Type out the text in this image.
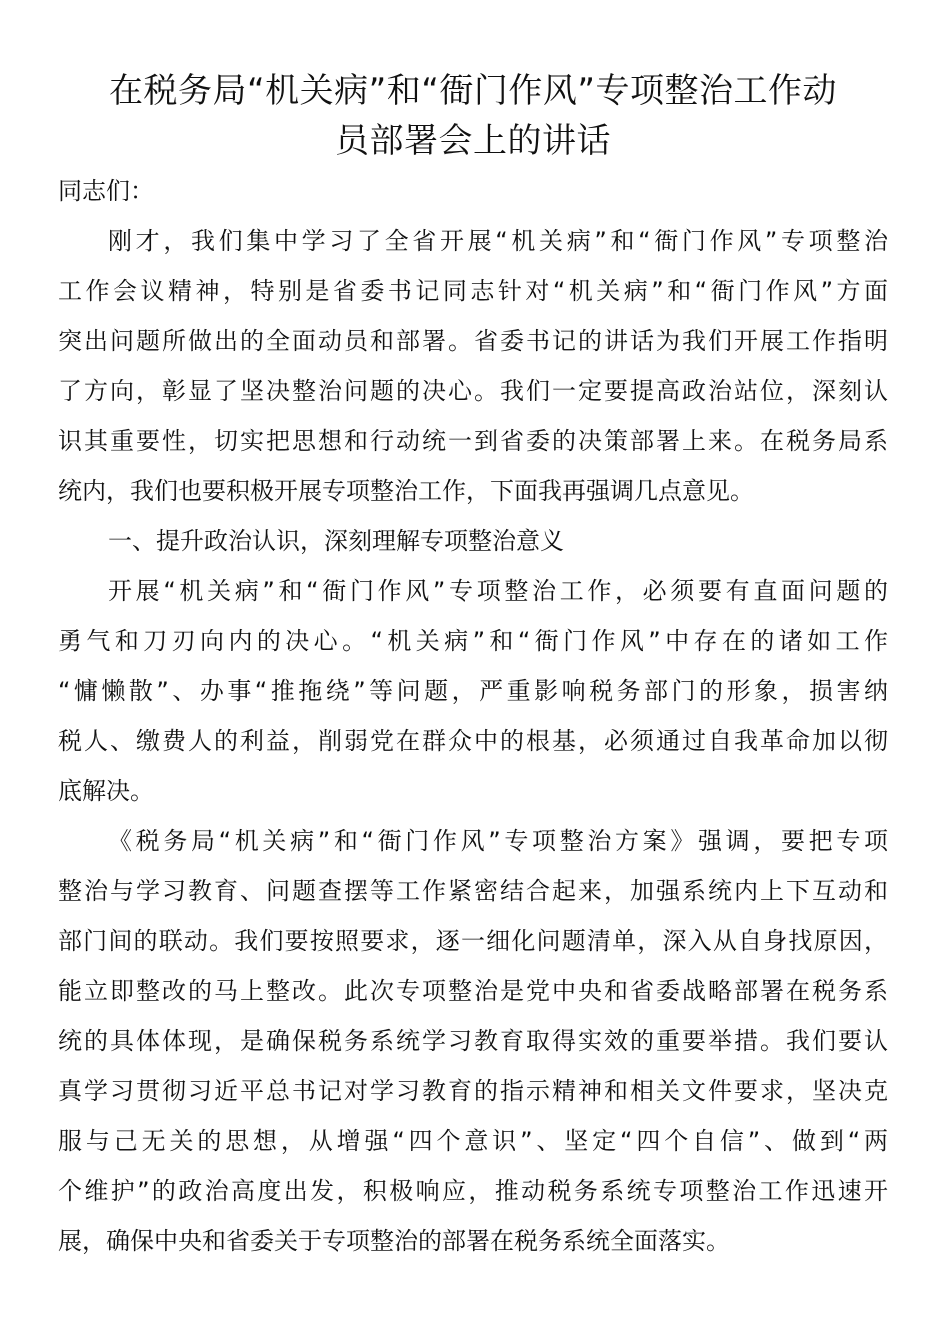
在税务局“机关病”和“衙门作风”专项整治工作动
员部署会上的讲话

同志们：

刚才，我们集中学习了全省开展“机关病”和“衙门作风”专项整治
工作会议精神，特别是省委书记同志针对“机关病”和“衙门作风”方面
突出问题所做出的全面动员和部署。省委书记的讲话为我们开展工作指明
了方向，彰显了坚决整治问题的决心。我们一定要提高政治站位，深刻认
识其重要性，切实把思想和行动统一到省委的决策部署上来。在税务局系
统内，我们也要积极开展专项整治工作，下面我再强调几点意见。

一、提升政治认识，深刻理解专项整治意义

开展“机关病”和“衙门作风”专项整治工作，必须要有直面问题的
勇气和刀刃向内的决心。“机关病”和“衙门作风”中存在的诸如工作
“慵懒散”、办事“推拖绕”等问题，严重影响税务部门的形象，损害纳
税人、缴费人的利益，削弱党在群众中的根基，必须通过自我革命加以彻
底解决。
《税务局“机关病”和“衙门作风”专项整治方案》强调，要把专项
整治与学习教育、问题查摆等工作紧密结合起来，加强系统内上下互动和
部门间的联动。我们要按照要求，逐一细化问题清单，深入从自身找原因，
能立即整改的马上整改。此次专项整治是党中央和省委战略部署在税务系
统的具体体现，是确保税务系统学习教育取得实效的重要举措。我们要认
真学习贯彻习近平总书记对学习教育的指示精神和相关文件要求，坚决克
服与己无关的思想，从增强“四个意识”、坚定“四个自信”、做到“两
个维护”的政治高度出发，积极响应，推动税务系统专项整治工作迅速开
展，确保中央和省委关于专项整治的部署在税务系统全面落实。
